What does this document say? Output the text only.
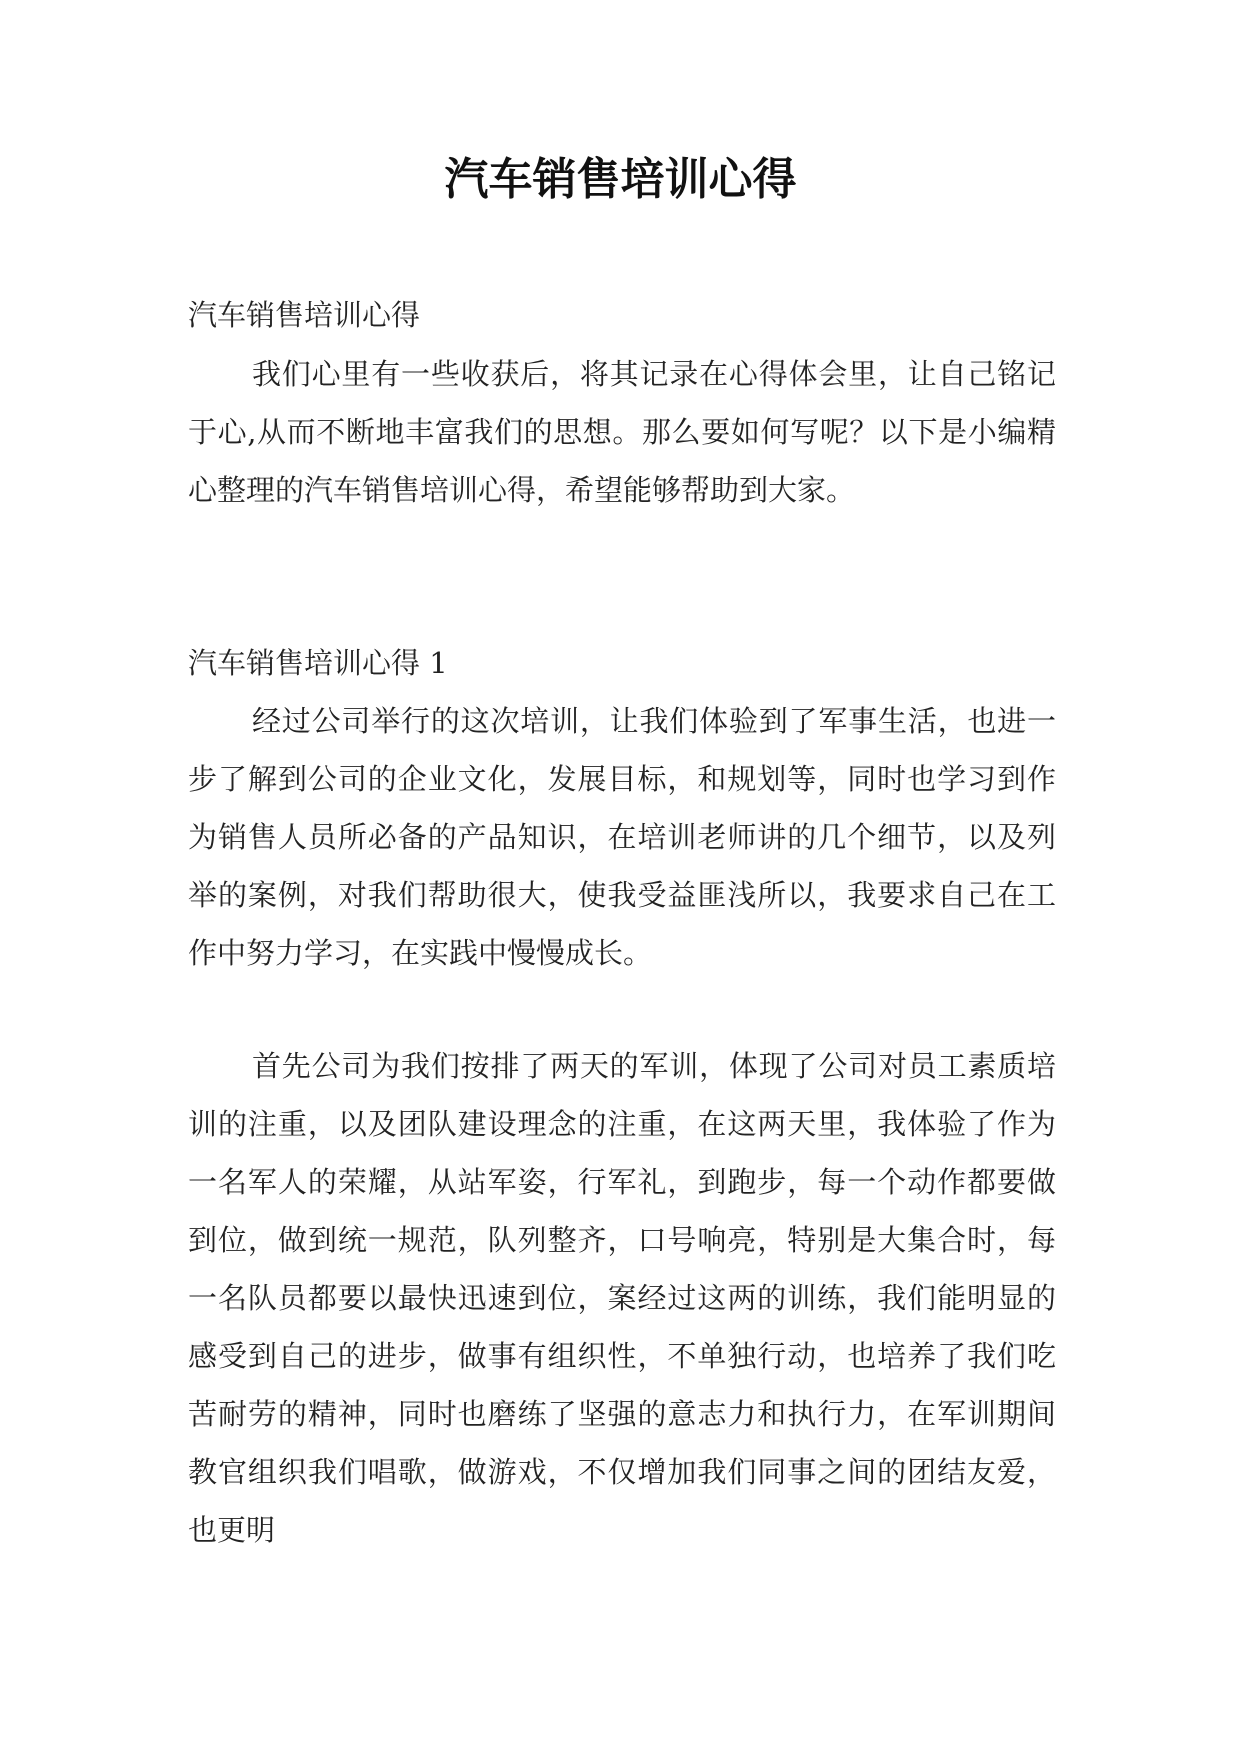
汽车销售培训心得

汽车销售培训心得

我们心里有一些收获后，将其记录在心得体会里，让自己铭记于心,从而不断地丰富我们的思想。那么要如何写呢？以下是小编精心整理的汽车销售培训心得，希望能够帮助到大家。

汽车销售培训心得 1

经过公司举行的这次培训，让我们体验到了军事生活，也进一步了解到公司的企业文化，发展目标，和规划等，同时也学习到作为销售人员所必备的产品知识，在培训老师讲的几个细节，以及列举的案例，对我们帮助很大，使我受益匪浅所以，我要求自己在工作中努力学习，在实践中慢慢成长。

首先公司为我们按排了两天的军训，体现了公司对员工素质培训的注重，以及团队建设理念的注重，在这两天里，我体验了作为一名军人的荣耀，从站军姿，行军礼，到跑步，每一个动作都要做到位，做到统一规范，队列整齐，口号响亮，特别是大集合时，每一名队员都要以最快迅速到位，案经过这两的训练，我们能明显的感受到自己的进步，做事有组织性，不单独行动，也培养了我们吃苦耐劳的精神，同时也磨练了坚强的意志力和执行力，在军训期间教官组织我们唱歌，做游戏，不仅增加我们同事之间的团结友爱，也更明
